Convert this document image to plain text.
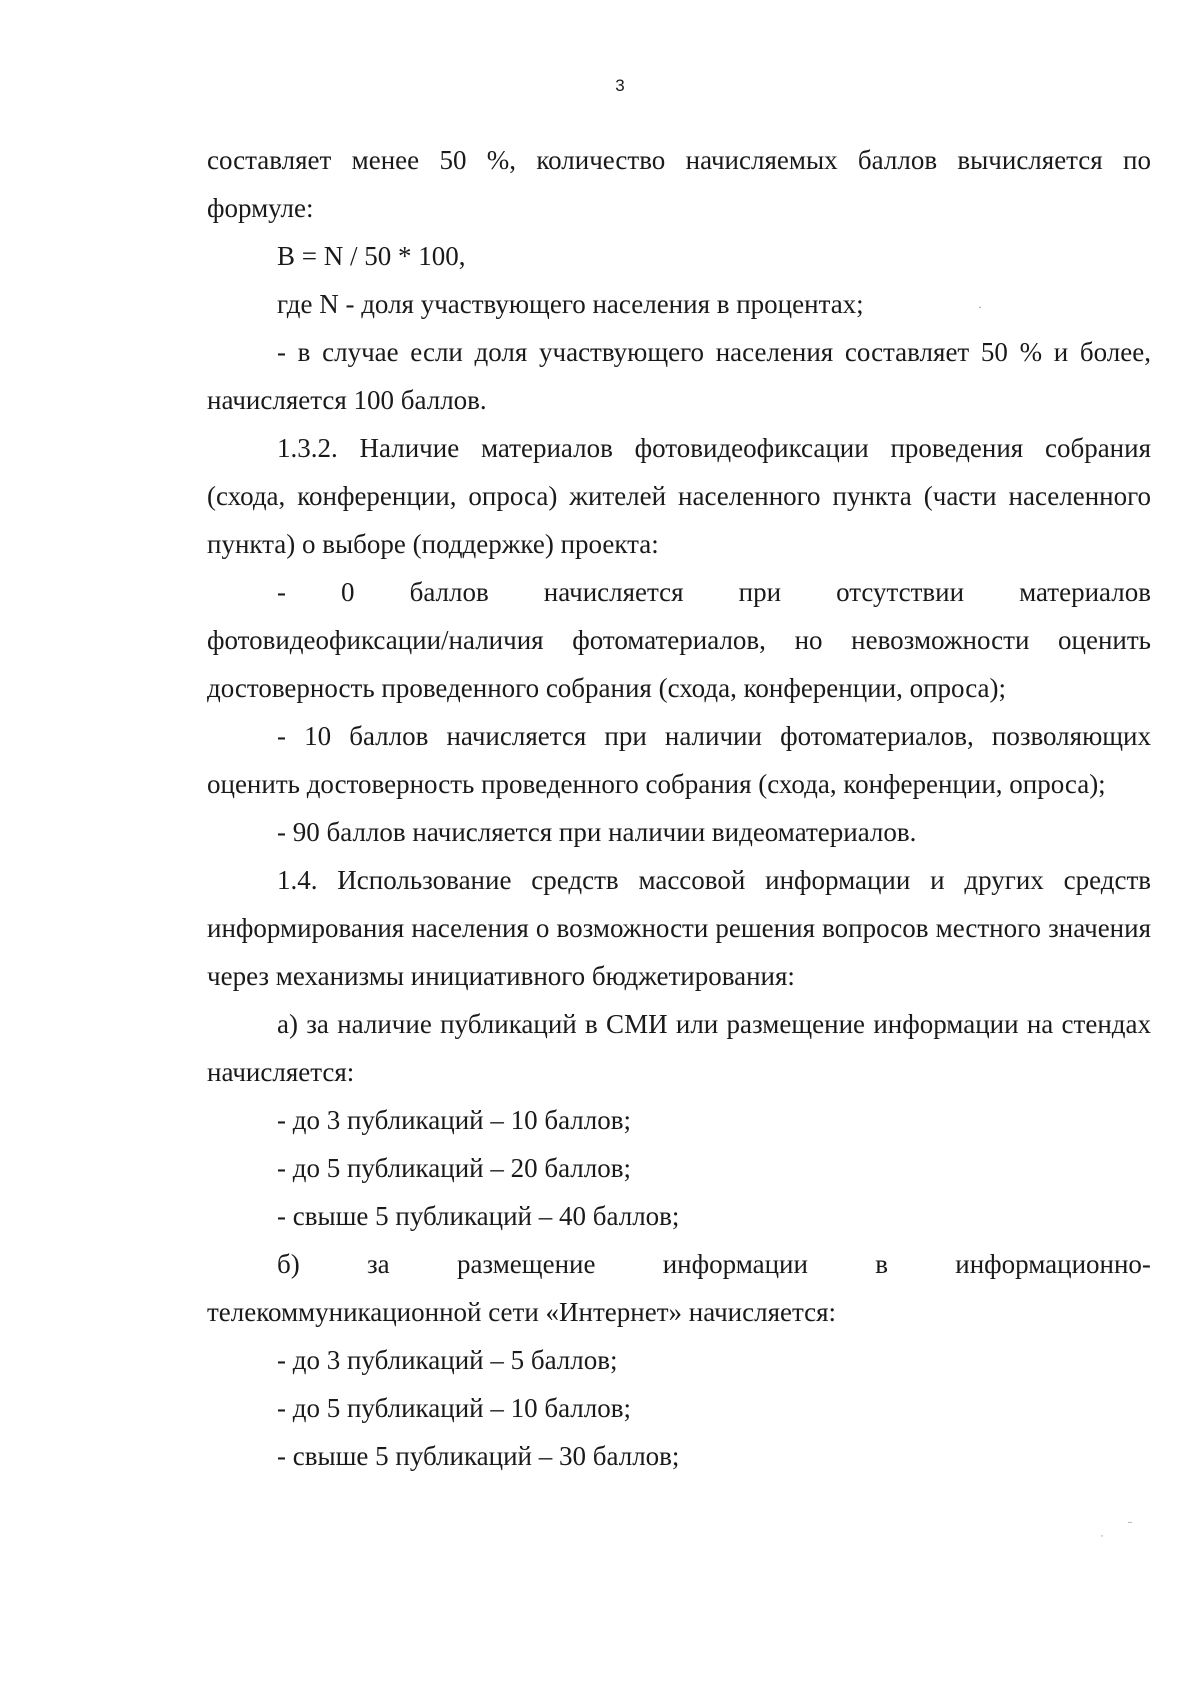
3

составляет менее 50 %, количество начисляемых баллов вычисляется по формуле:

B = N / 50 * 100,

где N - доля участвующего населения в процентах;

- в случае если доля участвующего населения составляет 50 % и более, начисляется 100 баллов.

1.3.2. Наличие материалов фотовидеофиксации проведения собрания (схода, конференции, опроса) жителей населенного пункта (части населенного пункта) о выборе (поддержке) проекта:

- 0 баллов начисляется при отсутствии материалов

фотовидеофиксации/наличия фотоматериалов, но невозможности оценить достоверность проведенного собрания (схода, конференции, опроса);

- 10 баллов начисляется при наличии фотоматериалов, позволяющих оценить достоверность проведенного собрания (схода, конференции, опроса);

- 90 баллов начисляется при наличии видеоматериалов.

1.4. Использование средств массовой информации и других средств информирования населения о возможности решения вопросов местного значения через механизмы инициативного бюджетирования:

а) за наличие публикаций в СМИ или размещение информации на стендах начисляется:

- до 3 публикаций – 10 баллов;

- до 5 публикаций – 20 баллов;

- свыше 5 публикаций – 40 баллов;

б) за размещение информации в информационно-

телекоммуникационной сети «Интернет» начисляется:

- до 3 публикаций – 5 баллов;

- до 5 публикаций – 10 баллов;

- свыше 5 публикаций – 30 баллов;

·
˙
¨
